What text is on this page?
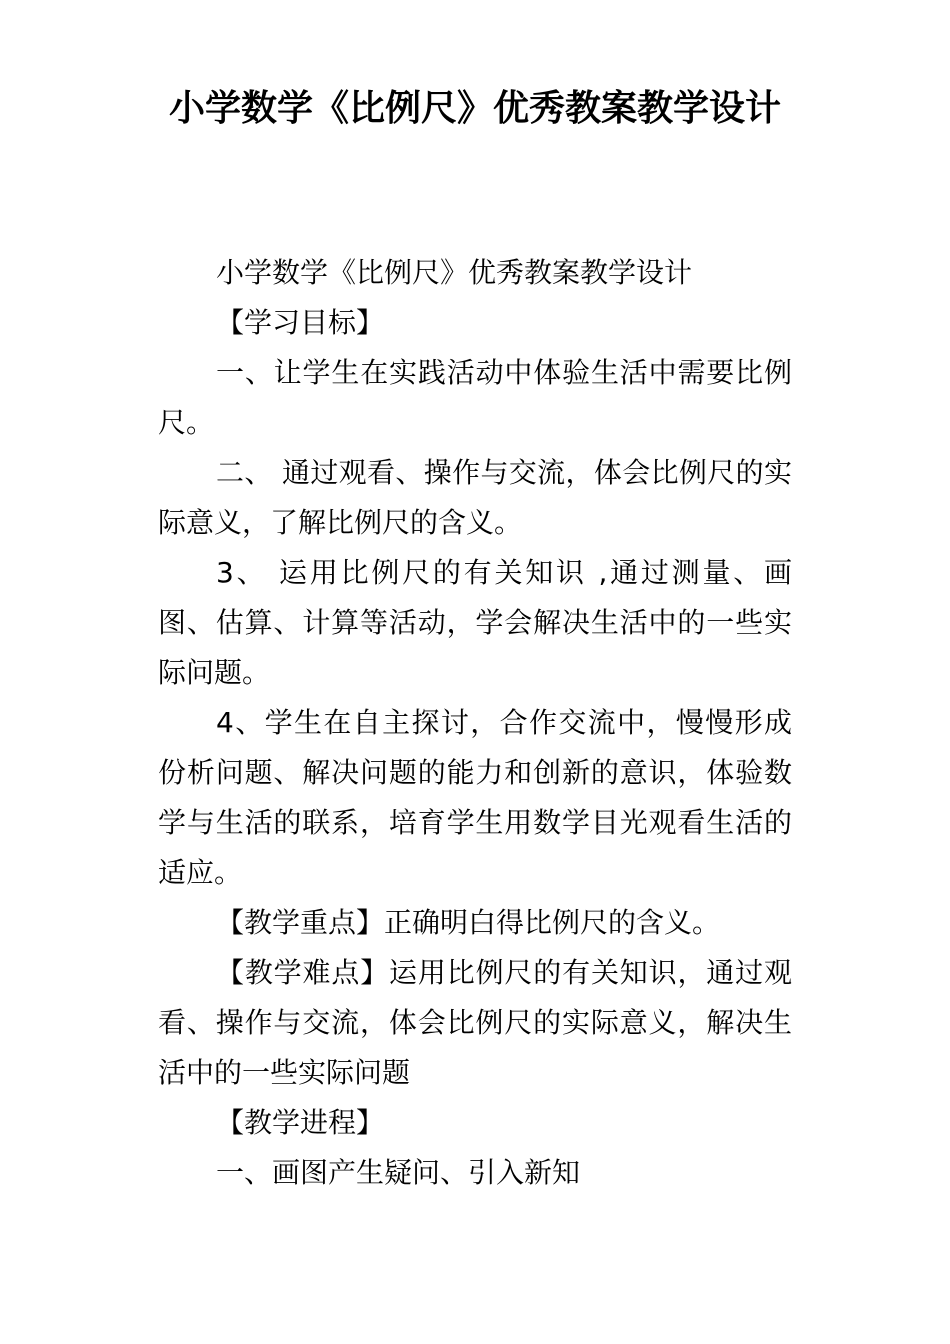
小学数学《比例尺》优秀教案教学设计

小学数学《比例尺》优秀教案教学设计

【学习目标】

一、让学生在实践活动中体验生活中需要比例尺。

二、 通过观看、操作与交流，体会比例尺的实际意义，了解比例尺的含义。

3、 运用比例尺的有关知识 ,通过测量、画图、估算、计算等活动，学会解决生活中的一些实际问题。

4、学生在自主探讨，合作交流中，慢慢形成份析问题、解决问题的能力和创新的意识，体验数学与生活的联系，培育学生用数学目光观看生活的适应。

【教学重点】正确明白得比例尺的含义。

【教学难点】运用比例尺的有关知识，通过观看、操作与交流，体会比例尺的实际意义，解决生活中的一些实际问题

【教学进程】

一、画图产生疑问、引入新知
